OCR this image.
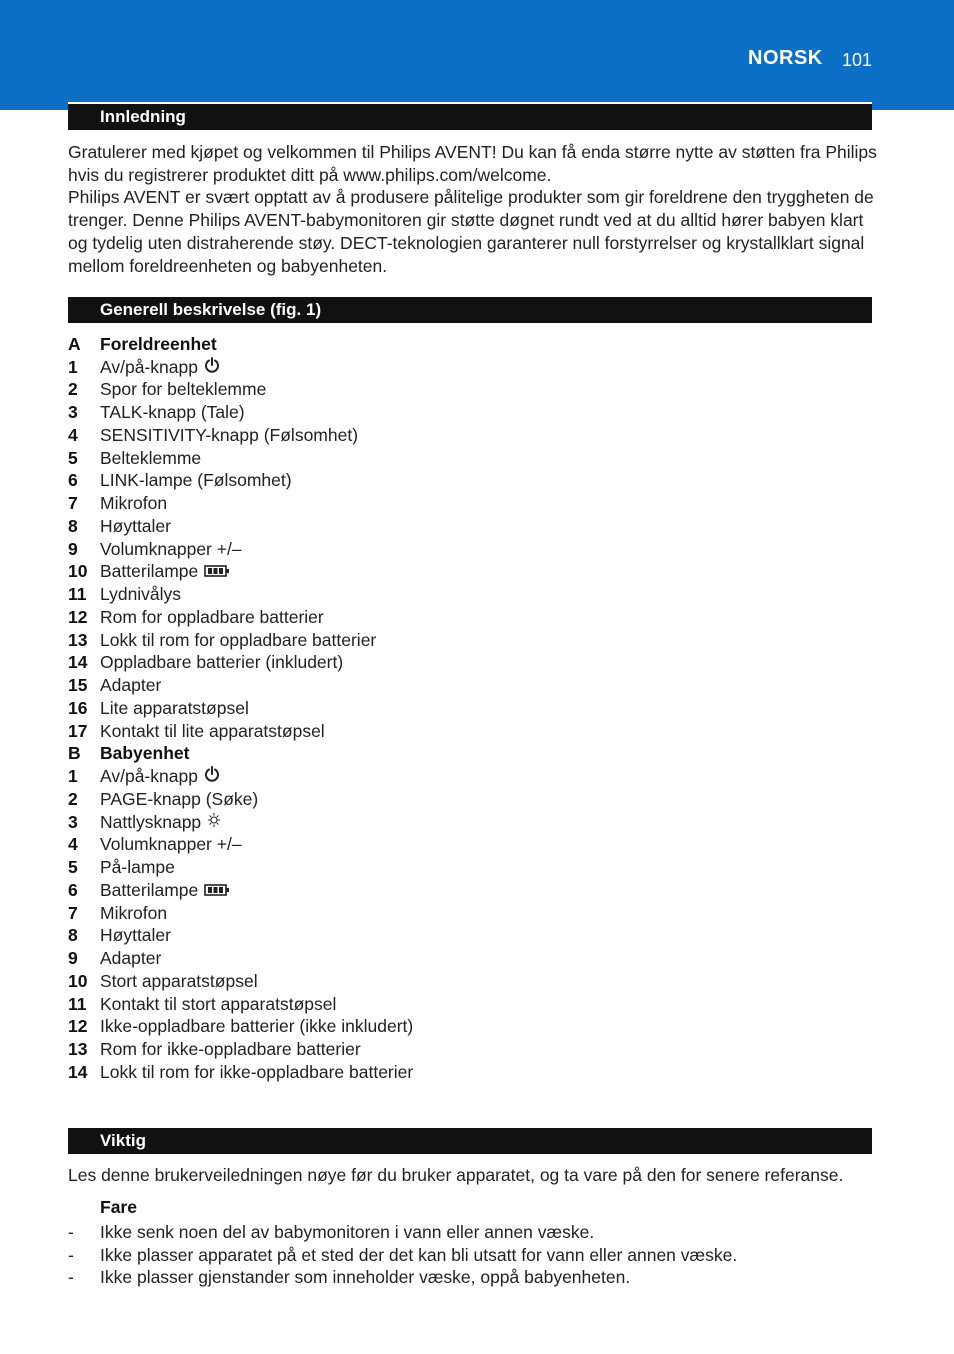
NORSK 101
Innledning
Gratulerer med kjøpet og velkommen til Philips AVENT! Du kan få enda større nytte av støtten fra Philips hvis du registrerer produktet ditt på www.philips.com/welcome.
Philips AVENT er svært opptatt av å produsere pålitelige produkter som gir foreldrene den tryggheten de trenger. Denne Philips AVENT-babymonitoren gir støtte døgnet rundt ved at du alltid hører babyen klart og tydelig uten distraherende støy. DECT-teknologien garanterer null forstyrrelser og krystallklart signal mellom foreldreenheten og babyenheten.
Generell beskrivelse (fig. 1)
A	Foreldreenhet
1	Av/på-knapp
2	Spor for belteklemme
3	TALK-knapp (Tale)
4	SENSITIVITY-knapp (Følsomhet)
5	Belteklemme
6	LINK-lampe (Følsomhet)
7	Mikrofon
8	Høyttaler
9	Volumknapper +/–
10 Batterilampe
11 Lydnivålys
12 Rom for oppladbare batterier
13 Lokk til rom for oppladbare batterier
14 Oppladbare batterier (inkludert)
15 Adapter
16 Lite apparatstøpsel
17 Kontakt til lite apparatstøpsel
B	Babyenhet
1	Av/på-knapp
2	PAGE-knapp (Søke)
3	Nattlysknapp
4	Volumknapper +/–
5	På-lampe
6	Batterilampe
7	Mikrofon
8	Høyttaler
9	Adapter
10 Stort apparatstøpsel
11 Kontakt til stort apparatstøpsel
12 Ikke-oppladbare batterier (ikke inkludert)
13 Rom for ikke-oppladbare batterier
14 Lokk til rom for ikke-oppladbare batterier
Viktig
Les denne brukerveiledningen nøye før du bruker apparatet, og ta vare på den for senere referanse.
Fare
-	Ikke senk noen del av babymonitoren i vann eller annen væske.
-	Ikke plasser apparatet på et sted der det kan bli utsatt for vann eller annen væske.
-	Ikke plasser gjenstander som inneholder væske, oppå babyenheten.
